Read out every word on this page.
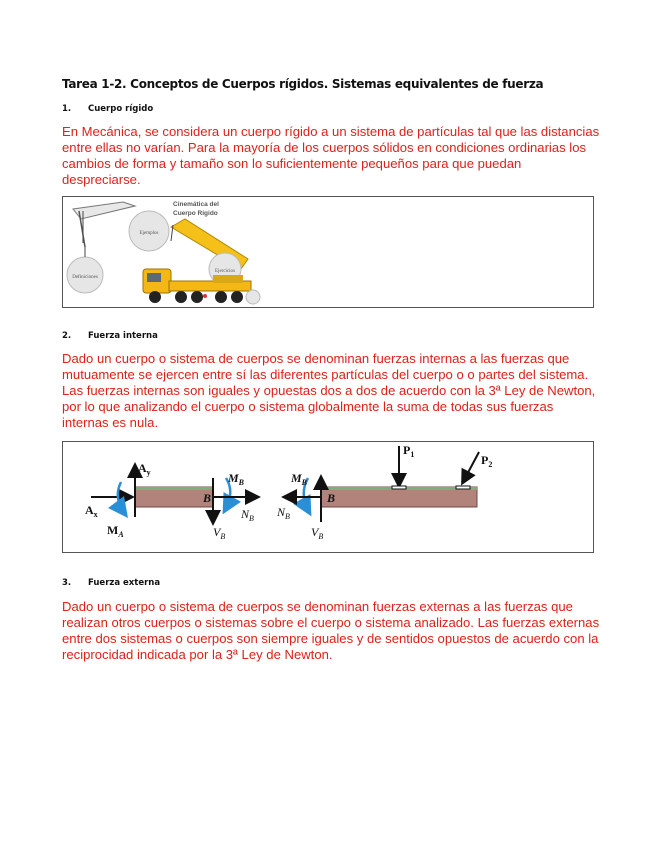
Tarea 1-2. Conceptos de Cuerpos rígidos. Sistemas equivalentes de fuerza
1. Cuerpo rígido
En Mecánica, se considera un cuerpo rígido a un sistema de partículas tal que las distancias entre ellas no varían. Para la mayoría de los cuerpos sólidos en condiciones ordinarias los cambios de forma y tamaño son lo suficientemente pequeños para que puedan despreciarse.
Definiciones
Ejemplos
Cinemática del
Cuerpo Rígido
Ejercicios
2. Fuerza interna
Dado un cuerpo o sistema de cuerpos se denominan fuerzas internas a las fuerzas que mutuamente se ejercen entre sí las diferentes partículas del cuerpo o o partes del sistema. Las fuerzas internas son iguales y opuestas dos a dos de acuerdo con la 3ª Ley de Newton, por lo que analizando el cuerpo o sistema globalmente la suma de todas sus fuerzas internas es nula.
$A_y$
$A_x$
$M_A$
B
$M_B$
$N_B$
$V_B$
$M_B$
B
$N_B$
$V_B$
$P_1$	$P_2$
3. Fuerza externa
Dado un cuerpo o sistema de cuerpos se denominan fuerzas externas a las fuerzas que realizan otros cuerpos o sistemas sobre el cuerpo o sistema analizado. Las fuerzas externas entre dos sistemas o cuerpos son siempre iguales y de sentidos opuestos de acuerdo con la reciprocidad indicada por la 3ª Ley de Newton.
